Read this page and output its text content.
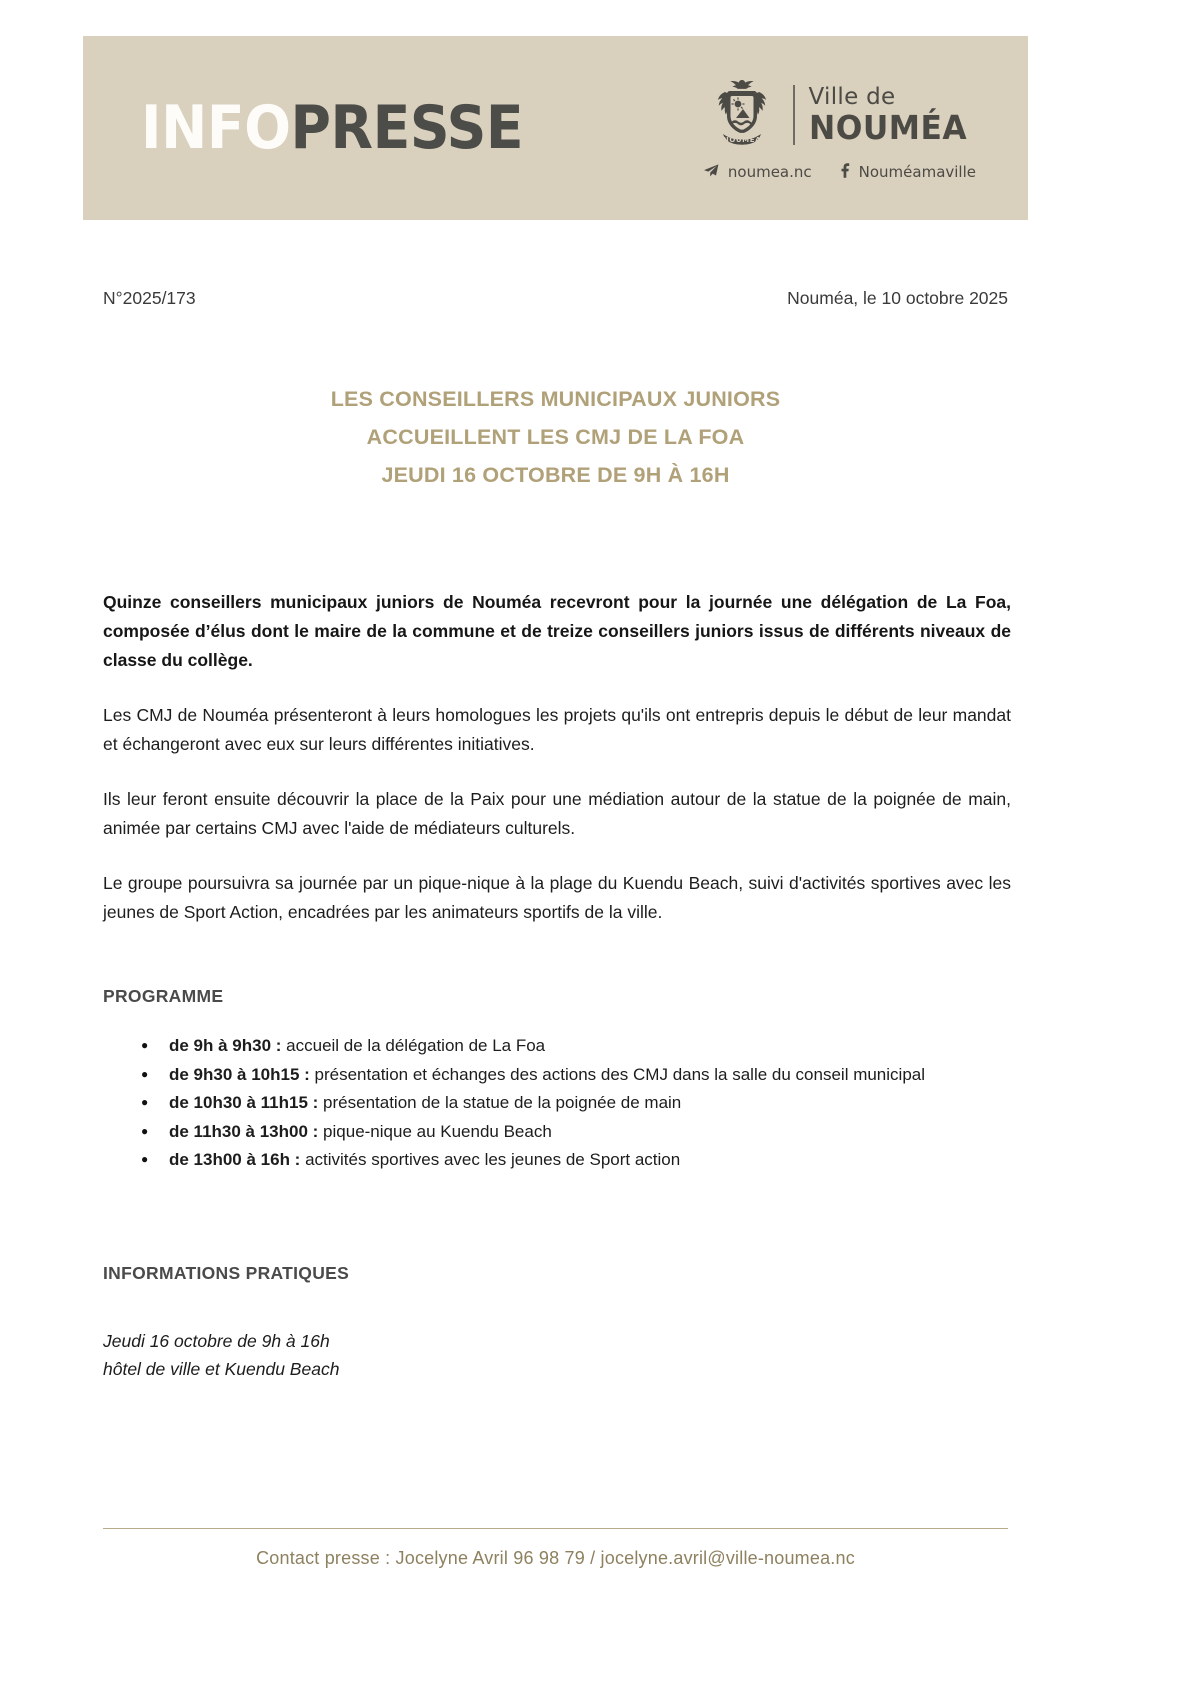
INFOPRESSE	NOUMEA
Ville de
NOUMÉA
noumea.nc	Nouméamaville
N°2025/173	Nouméa, le 10 octobre 2025
LES CONSEILLERS MUNICIPAUX JUNIORS
ACCUEILLENT LES CMJ DE LA FOA
JEUDI 16 OCTOBRE DE 9H À 16H

Quinze conseillers municipaux juniors de Nouméa recevront pour la journée une délégation de La Foa, composée d’élus dont le maire de la commune et de treize conseillers juniors issus de différents niveaux de classe du collège.

Les CMJ de Nouméa présenteront à leurs homologues les projets qu'ils ont entrepris depuis le début de leur mandat et échangeront avec eux sur leurs différentes initiatives.

Ils leur feront ensuite découvrir la place de la Paix pour une médiation autour de la statue de la poignée de main, animée par certains CMJ avec l'aide de médiateurs culturels.

Le groupe poursuivra sa journée par un pique-nique à la plage du Kuendu Beach, suivi d'activités sportives avec les jeunes de Sport Action, encadrées par les animateurs sportifs de la ville.

PROGRAMME
● de 9h à 9h30 : accueil de la délégation de La Foa
● de 9h30 à 10h15 : présentation et échanges des actions des CMJ dans la salle du conseil municipal
● de 10h30 à 11h15 : présentation de la statue de la poignée de main
● de 11h30 à 13h00 : pique-nique au Kuendu Beach
● de 13h00 à 16h : activités sportives avec les jeunes de Sport action
INFORMATIONS PRATIQUES
Jeudi 16 octobre de 9h à 16h
hôtel de ville et Kuendu Beach
Contact presse : Jocelyne Avril 96 98 79 / jocelyne.avril@ville-noumea.nc
